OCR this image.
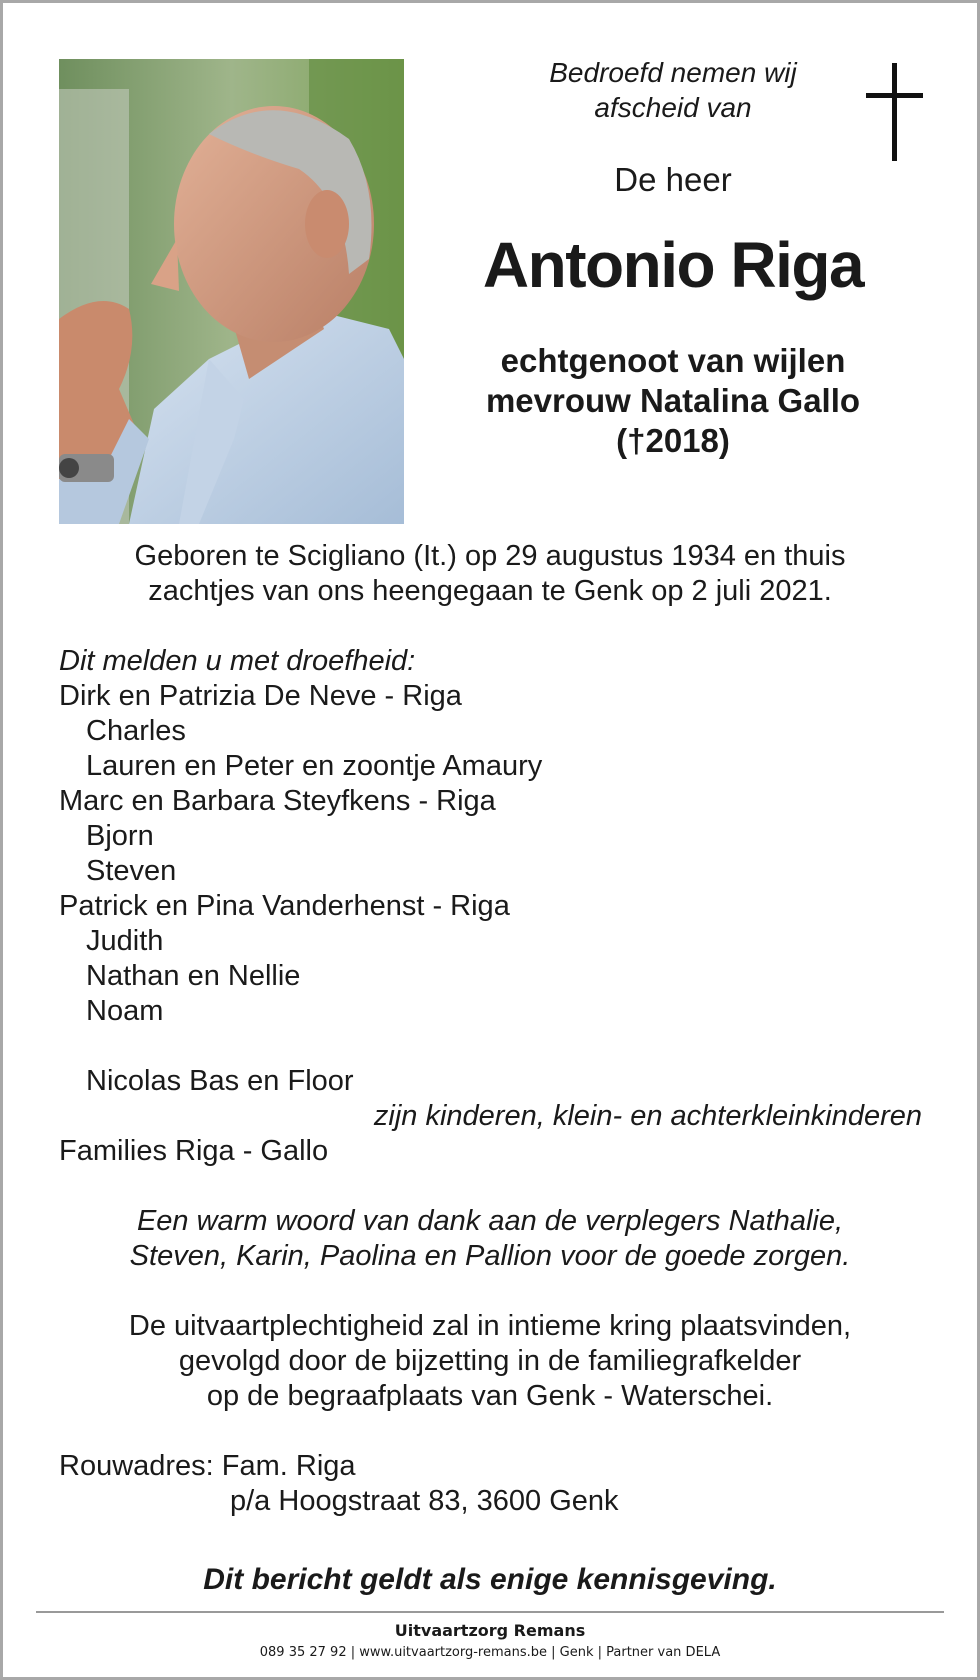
Bedroefd nemen wij
afscheid van
De heer
Antonio Riga
echtgenoot van wijlen
mevrouw Natalina Gallo
(†2018)
Geboren te Scigliano (It.) op 29 augustus 1934 en thuis
zachtjes van ons heengegaan te Genk op 2 juli 2021.
Dit melden u met droefheid:
Dirk en Patrizia De Neve - Riga
Charles
Lauren en Peter en zoontje Amaury
Marc en Barbara Steyfkens - Riga
Bjorn
Steven
Patrick en Pina Vanderhenst - Riga
Judith
Nathan en Nellie
Noam
Nicolas Bas en Floor
zijn kinderen, klein- en achterkleinkinderen
Families Riga - Gallo
Een warm woord van dank aan de verplegers Nathalie,
Steven, Karin, Paolina en Pallion voor de goede zorgen.
De uitvaartplechtigheid zal in intieme kring plaatsvinden,
gevolgd door de bijzetting in de familiegrafkelder
op de begraafplaats van Genk - Waterschei.
Rouwadres: Fam. Riga
p/a Hoogstraat 83, 3600 Genk
Dit bericht geldt als enige kennisgeving.
Uitvaartzorg Remans
089 35 27 92 | www.uitvaartzorg-remans.be | Genk | Partner van DELA
